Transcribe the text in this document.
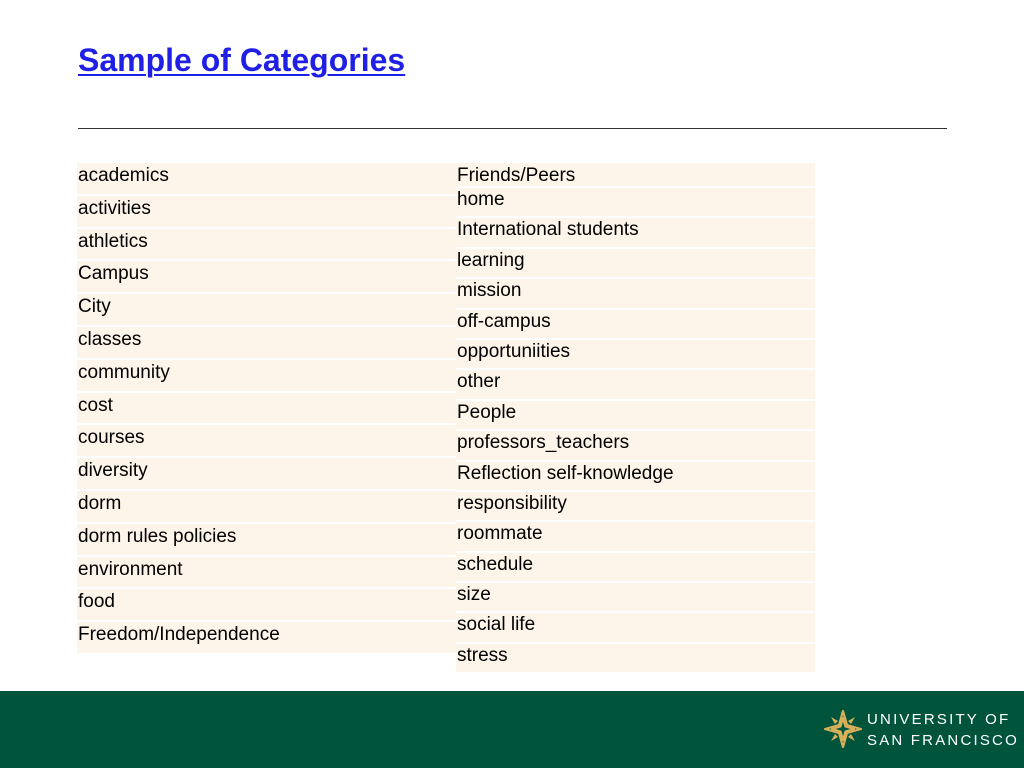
Sample of Categories
academics
activities
athletics
Campus
City
classes
community
cost
courses
diversity
dorm
dorm rules policies
environment
food
Freedom/Independence
Friends/Peers
home
International students
learning
mission
off-campus
opportuniities
other
People
professors_teachers
Reflection self-knowledge
responsibility
roommate
schedule
size
social life
stress
UNIVERSITY OF
SAN FRANCISCO
